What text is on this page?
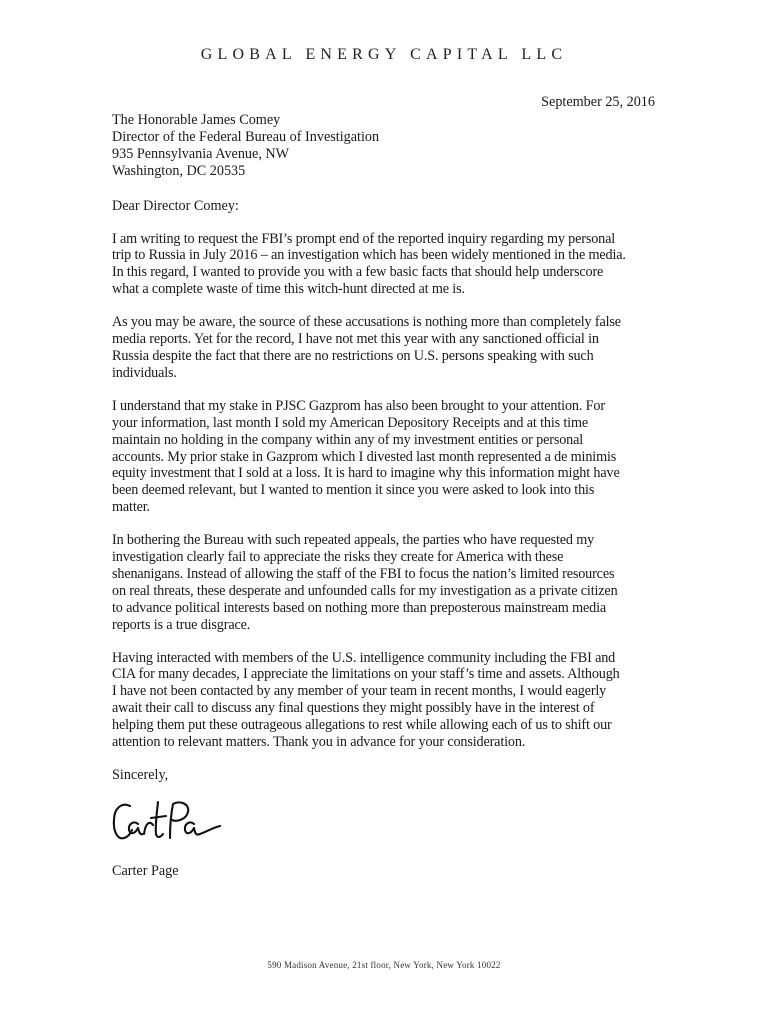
GLOBAL ENERGY CAPITAL LLC
September 25, 2016
The Honorable James Comey
Director of the Federal Bureau of Investigation
935 Pennsylvania Avenue, NW
Washington, DC 20535
Dear Director Comey:
I am writing to request the FBI’s prompt end of the reported inquiry regarding my personal
trip to Russia in July 2016 – an investigation which has been widely mentioned in the media.
In this regard, I wanted to provide you with a few basic facts that should help underscore
what a complete waste of time this witch-hunt directed at me is.
As you may be aware, the source of these accusations is nothing more than completely false
media reports. Yet for the record, I have not met this year with any sanctioned official in
Russia despite the fact that there are no restrictions on U.S. persons speaking with such
individuals.
I understand that my stake in PJSC Gazprom has also been brought to your attention. For
your information, last month I sold my American Depository Receipts and at this time
maintain no holding in the company within any of my investment entities or personal
accounts. My prior stake in Gazprom which I divested last month represented a de minimis
equity investment that I sold at a loss. It is hard to imagine why this information might have
been deemed relevant, but I wanted to mention it since you were asked to look into this
matter.
In bothering the Bureau with such repeated appeals, the parties who have requested my
investigation clearly fail to appreciate the risks they create for America with these
shenanigans. Instead of allowing the staff of the FBI to focus the nation’s limited resources
on real threats, these desperate and unfounded calls for my investigation as a private citizen
to advance political interests based on nothing more than preposterous mainstream media
reports is a true disgrace.
Having interacted with members of the U.S. intelligence community including the FBI and
CIA for many decades, I appreciate the limitations on your staff’s time and assets. Although
I have not been contacted by any member of your team in recent months, I would eagerly
await their call to discuss any final questions they might possibly have in the interest of
helping them put these outrageous allegations to rest while allowing each of us to shift our
attention to relevant matters. Thank you in advance for your consideration.
Sincerely,
Carter Page
590 Madison Avenue, 21st floor, New York, New York 10022
